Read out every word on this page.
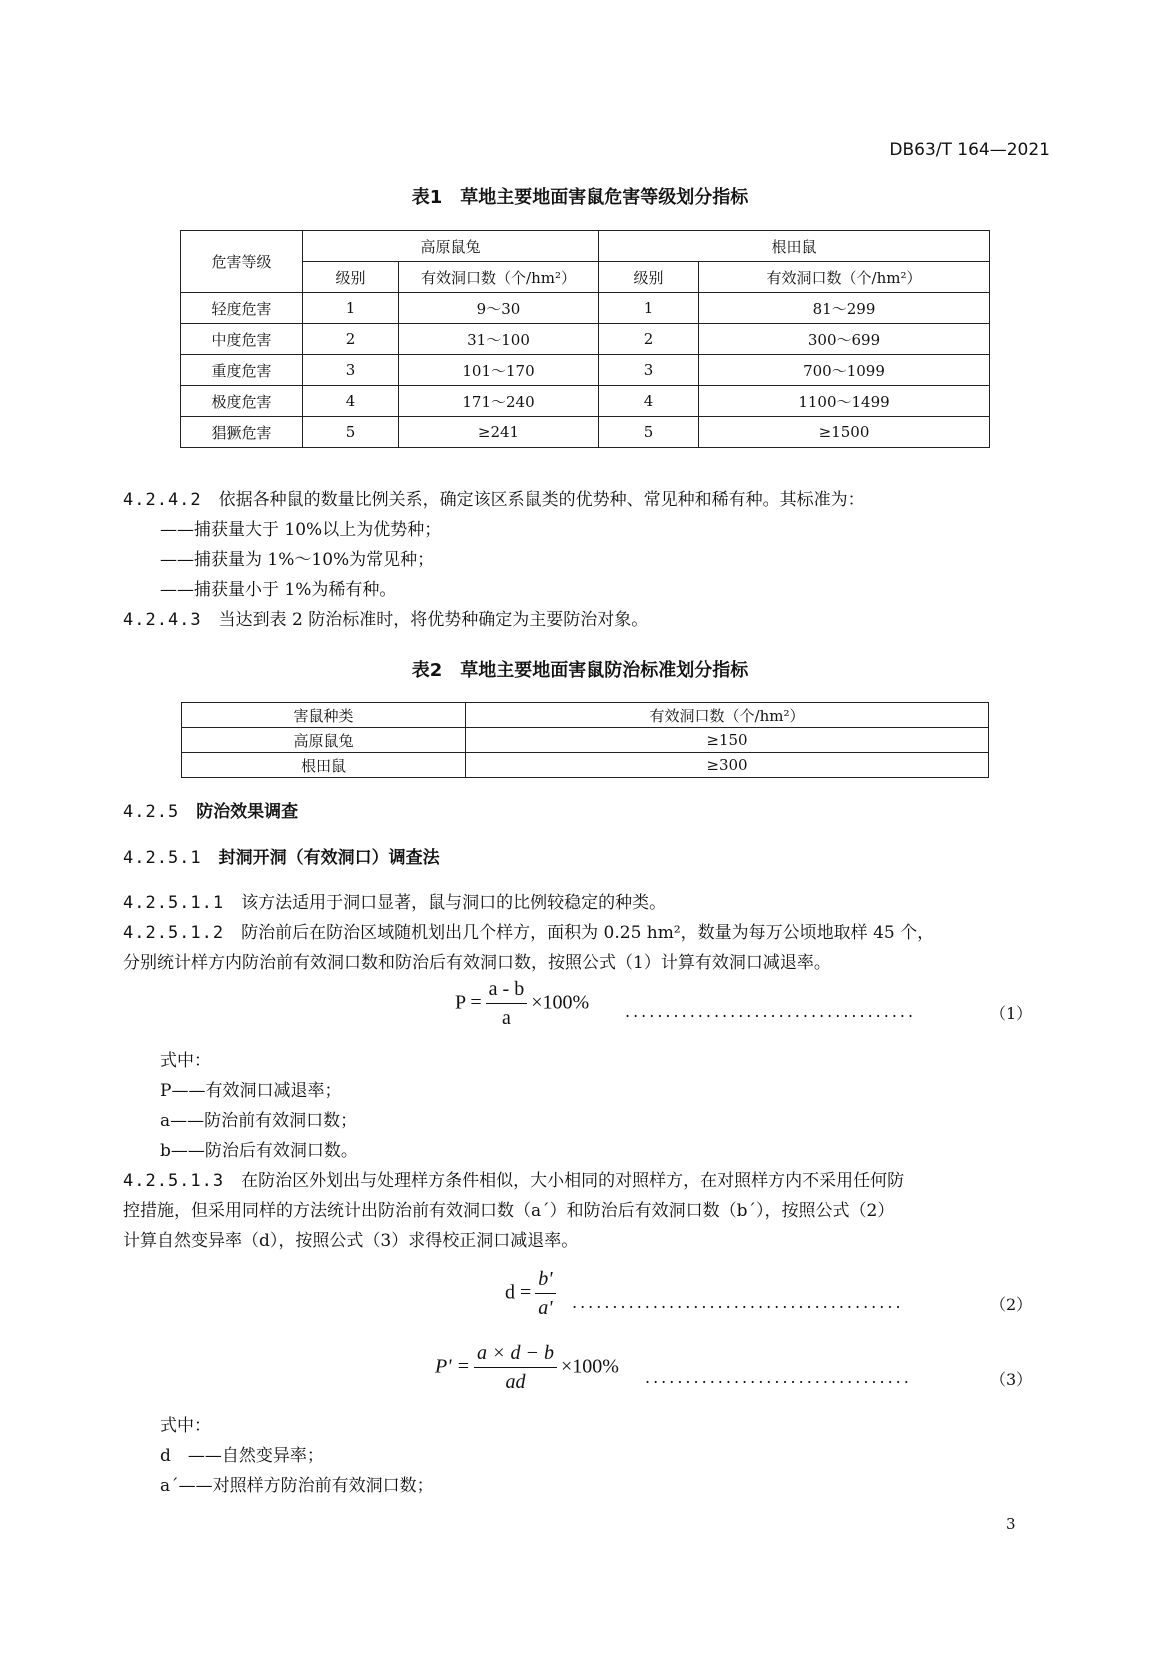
DB63/T 164—2021
表1　草地主要地面害鼠危害等级划分指标
危害等级	高原鼠兔		根田鼠	
	级别	有效洞口数（个/hm²）	级别	有效洞口数（个/hm²）
轻度危害	1	9～30	1	81～299
中度危害	2	31～100	2	300～699
重度危害	3	101～170	3	700～1099
极度危害	4	171～240	4	1100～1499
猖獗危害	5	≥241	5	≥1500
4.2.4.2　 依据各种鼠的数量比例关系，确定该区系鼠类的优势种、常见种和稀有种。其标准为：
——捕获量大于 10%以上为优势种；
——捕获量为 1%～10%为常见种；
——捕获量小于 1%为稀有种。
4.2.4.3　 当达到表 2 防治标准时，将优势种确定为主要防治对象。
表2　草地主要地面害鼠防治标准划分指标
害鼠种类	有效洞口数（个/hm²）
高原鼠兔	≥150
根田鼠	≥300
4.2.5　 防治效果调查
4.2.5.1　 封洞开洞（有效洞口）调查法
4.2.5.1.1　 该方法适用于洞口显著，鼠与洞口的比例较稳定的种类。
4.2.5.1.2　 防治前后在防治区域随机划出几个样方，面积为 0.25 hm²，数量为每万公顷地取样 45 个，
分别统计样方内防治前有效洞口数和防治后有效洞口数，按照公式（1）计算有效洞口减退率。
$P = \frac{a - b}{a} \times 100\%$ ....................................	（1）
式中：
P——有效洞口减退率；
a——防治前有效洞口数；
b——防治后有效洞口数。
4.2.5.1.3　 在防治区外划出与处理样方条件相似，大小相同的对照样方，在对照样方内不采用任何防
控措施，但采用同样的方法统计出防治前有效洞口数（a´）和防治后有效洞口数（b´），按照公式（2）
计算自然变异率（d），按照公式（3）求得校正洞口减退率。
$d = \frac{b'}{a'}$ .........................................	（2）
$P' = \frac{a \times d - b}{ad} \times 100\%$ .................................	（3）
式中：
d　——自然变异率；
a´——对照样方防治前有效洞口数；
3
